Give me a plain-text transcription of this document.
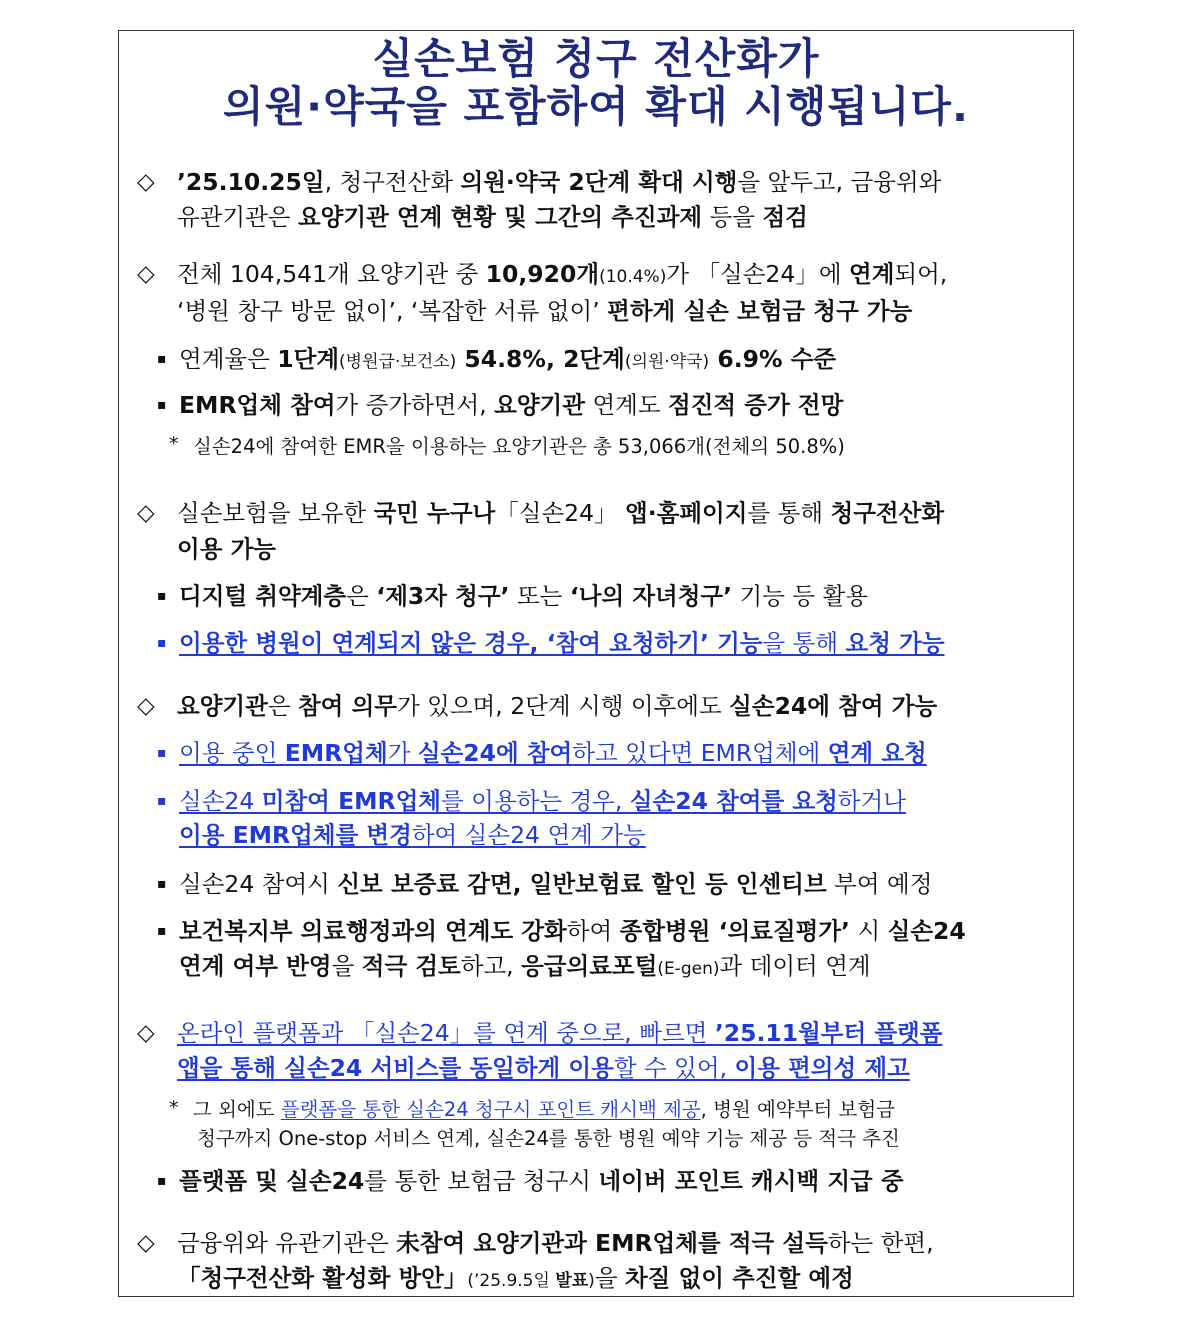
실손보험 청구 전산화가
의원·약국을 포함하여 확대 시행됩니다.
◇ ’25.10.25일, 청구전산화 의원·약국 2단계 확대 시행을 앞두고, 금융위와
유관기관은 요양기관 연계 현황 및 그간의 추진과제 등을 점검
◇ 전체 104,541개 요양기관 중 10,920개(10.4%)가 「실손24」에 연계되어,
‘병원 창구 방문 없이’, ‘복잡한 서류 없이’ 편하게 실손 보험금 청구 가능
▪ 연계율은 1단계(병원급·보건소) 54.8%, 2단계(의원·약국) 6.9% 수준
▪ EMR업체 참여가 증가하면서, 요양기관 연계도 점진적 증가 전망
* 실손24에 참여한 EMR을 이용하는 요양기관은 총 53,066개(전체의 50.8%)
◇ 실손보험을 보유한 국민 누구나「실손24」 앱·홈페이지를 통해 청구전산화
이용 가능
▪ 디지털 취약계층은 ‘제3자 청구’ 또는 ‘나의 자녀청구’ 기능 등 활용
▪ 이용한 병원이 연계되지 않은 경우, ‘참여 요청하기’ 기능을 통해 요청 가능
◇ 요양기관은 참여 의무가 있으며, 2단계 시행 이후에도 실손24에 참여 가능
▪ 이용 중인 EMR업체가 실손24에 참여하고 있다면 EMR업체에 연계 요청
▪ 실손24 미참여 EMR업체를 이용하는 경우, 실손24 참여를 요청하거나
이용 EMR업체를 변경하여 실손24 연계 가능
▪ 실손24 참여시 신보 보증료 감면, 일반보험료 할인 등 인센티브 부여 예정
▪ 보건복지부 의료행정과의 연계도 강화하여 종합병원 ‘의료질평가’ 시 실손24
연계 여부 반영을 적극 검토하고, 응급의료포털(E-gen)과 데이터 연계
◇ 온라인 플랫폼과 「실손24」를 연계 중으로, 빠르면 ’25.11월부터 플랫폼
앱을 통해 실손24 서비스를 동일하게 이용할 수 있어, 이용 편의성 제고
* 그 외에도 플랫폼을 통한 실손24 청구시 포인트 캐시백 제공, 병원 예약부터 보험금
청구까지 One-stop 서비스 연계, 실손24를 통한 병원 예약 기능 제공 등 적극 추진
▪ 플랫폼 및 실손24를 통한 보험금 청구시 네이버 포인트 캐시백 지급 중
◇ 금융위와 유관기관은 未참여 요양기관과 EMR업체를 적극 설득하는 한편,
「청구전산화 활성화 방안」(’25.9.5일 발표)을 차질 없이 추진할 예정
